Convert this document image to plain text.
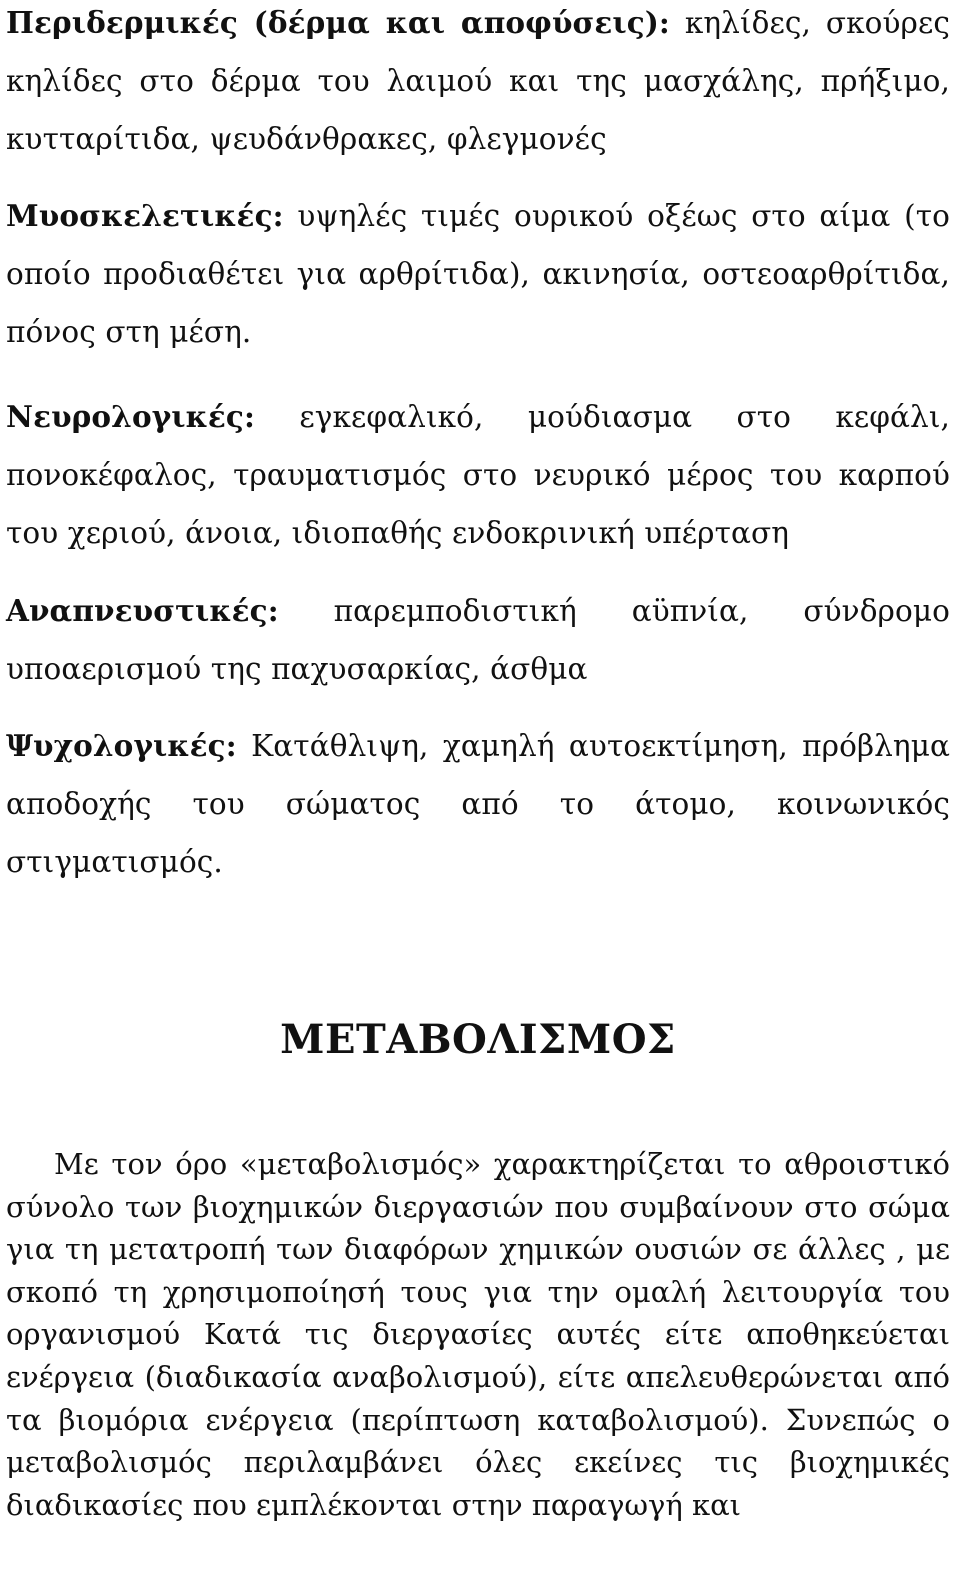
Περιδερμικές (δέρμα και αποφύσεις): κηλίδες, σκούρες κηλίδες στο δέρμα του λαιμού και της μασχάλης, πρήξιμο, κυτταρίτιδα, ψευδάνθρακες, φλεγμονές

Μυοσκελετικές: υψηλές τιμές ουρικού οξέως στο αίμα (το οποίο προδιαθέτει για αρθρίτιδα), ακινησία, οστεοαρθρίτιδα, πόνος στη μέση.

Νευρολογικές: εγκεφαλικό, μούδιασμα στο κεφάλι, πονοκέφαλος, τραυματισμός στο νευρικό μέρος του καρπού του χεριού, άνοια, ιδιοπαθής ενδοκρινική υπέρταση

Αναπνευστικές: παρεμποδιστική αϋπνία, σύνδρομο υποαερισμού της παχυσαρκίας, άσθμα

Ψυχολογικές: Κατάθλιψη, χαμηλή αυτοεκτίμηση, πρόβλημα αποδοχής του σώματος από το άτομο, κοινωνικός στιγματισμός.

ΜΕΤΑΒΟΛΙΣΜΟΣ

Με τον όρο «μεταβολισμός» χαρακτηρίζεται το αθροιστικό σύνολο των βιοχημικών διεργασιών που συμβαίνουν στο σώμα για τη μετατροπή των διαφόρων χημικών ουσιών σε άλλες , με σκοπό τη χρησιμοποίησή τους για την ομαλή λειτουργία του οργανισμού Κατά τις διεργασίες αυτές είτε αποθηκεύεται ενέργεια (διαδικασία αναβολισμού), είτε απελευθερώνεται από τα βιομόρια ενέργεια (περίπτωση καταβολισμού). Συνεπώς ο μεταβολισμός περιλαμβάνει όλες εκείνες τις βιοχημικές διαδικασίες που εμπλέκονται στην παραγωγή και
